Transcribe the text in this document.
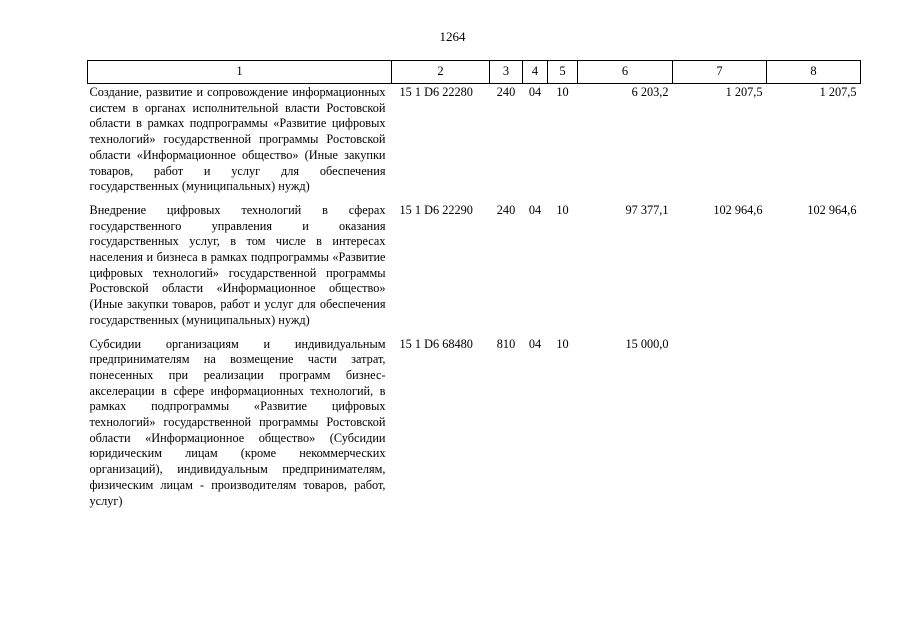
1264
1	2	3	4	5	6	7	8
Создание, развитие и сопровождение информационных систем в органах исполнительной власти Ростовской области в рамках подпрограммы «Развитие цифровых технологий» государственной программы Ростовской области «Информационное общество» (Иные закупки товаров, работ и услуг для обеспечения государственных (муниципальных) нужд)	15 1 D6 22280	240	04	10	6 203,2	1 207,5	1 207,5
Внедрение цифровых технологий в сферах государственного управления и оказания государственных услуг, в том числе в интересах населения и бизнеса в рамках подпрограммы «Развитие цифровых технологий» государственной программы Ростовской области «Информационное общество» (Иные закупки товаров, работ и услуг для обеспечения государственных (муниципальных) нужд)	15 1 D6 22290	240	04	10	97 377,1	102 964,6	102 964,6
Субсидии организациям и индивидуальным предпринимателям на возмещение части затрат, понесенных при реализации программ бизнес-акселерации в сфере информационных технологий, в рамках подпрограммы «Развитие цифровых технологий» государственной программы Ростовской области «Информационное общество» (Субсидии юридическим лицам (кроме некоммерческих организаций), индивидуальным предпринимателям, физическим лицам - производителям товаров, работ, услуг)	15 1 D6 68480	810	04	10	15 000,0		
